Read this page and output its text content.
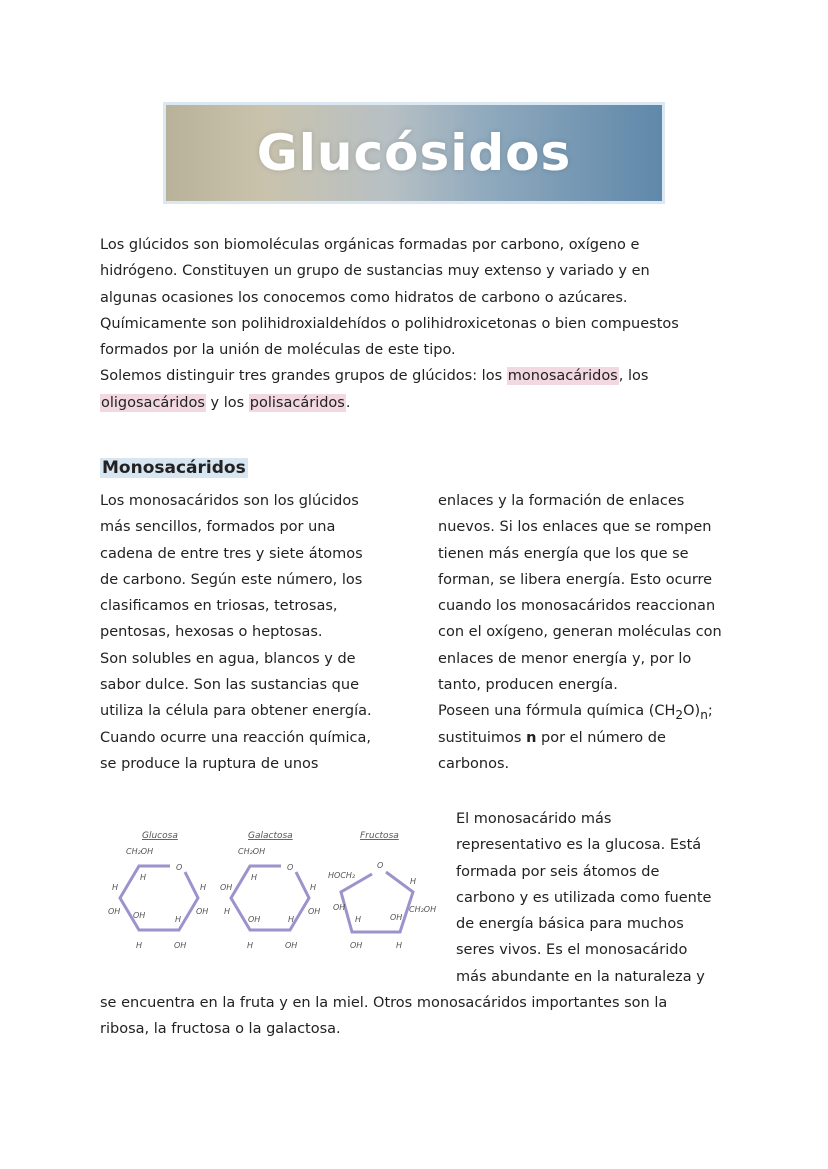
Glucósidos
Los glúcidos son biomoléculas orgánicas formadas por carbono, oxígeno e
hidrógeno. Constituyen un grupo de sustancias muy extenso y variado y en
algunas ocasiones los conocemos como hidratos de carbono o azúcares.
Químicamente son polihidroxialdehídos o polihidroxicetonas o bien compuestos
formados por la unión de moléculas de este tipo.
Solemos distinguir tres grandes grupos de glúcidos: los monosacáridos, los
oligosacáridos y los polisacáridos.
Monosacáridos
Los monosacáridos son los glúcidos
más sencillos, formados por una
cadena de entre tres y siete átomos
de carbono. Según este número, los
clasificamos en triosas, tetrosas,
pentosas, hexosas o heptosas.
Son solubles en agua, blancos y de
sabor dulce. Son las sustancias que
utiliza la célula para obtener energía.
Cuando ocurre una reacción química,
se produce la ruptura de unos
enlaces y la formación de enlaces
nuevos. Si los enlaces que se rompen
tienen más energía que los que se
forman, se libera energía. Esto ocurre
cuando los monosacáridos reaccionan
con el oxígeno, generan moléculas con
enlaces de menor energía y, por lo
tanto, producen energía.
Poseen una fórmula química $(CH_2O)_n$;
sustituimos n por el número de
carbonos.
Glucosa	Galactosa	Fructosa
CH₂OH
O
H
H	H
OH OH	OH
H
H	OH
CH₂OH
O
H
OH	H
H
OH
OH
H
H	OH
O
HOCH₂
H
OH	CH₂OH
H	OH
OH	H
El monosacárido más
representativo es la glucosa. Está
formada por seis átomos de
carbono y es utilizada como fuente
de energía básica para muchos
seres vivos. Es el monosacárido
más abundante en la naturaleza y
se encuentra en la fruta y en la miel. Otros monosacáridos importantes son la
ribosa, la fructosa o la galactosa.
